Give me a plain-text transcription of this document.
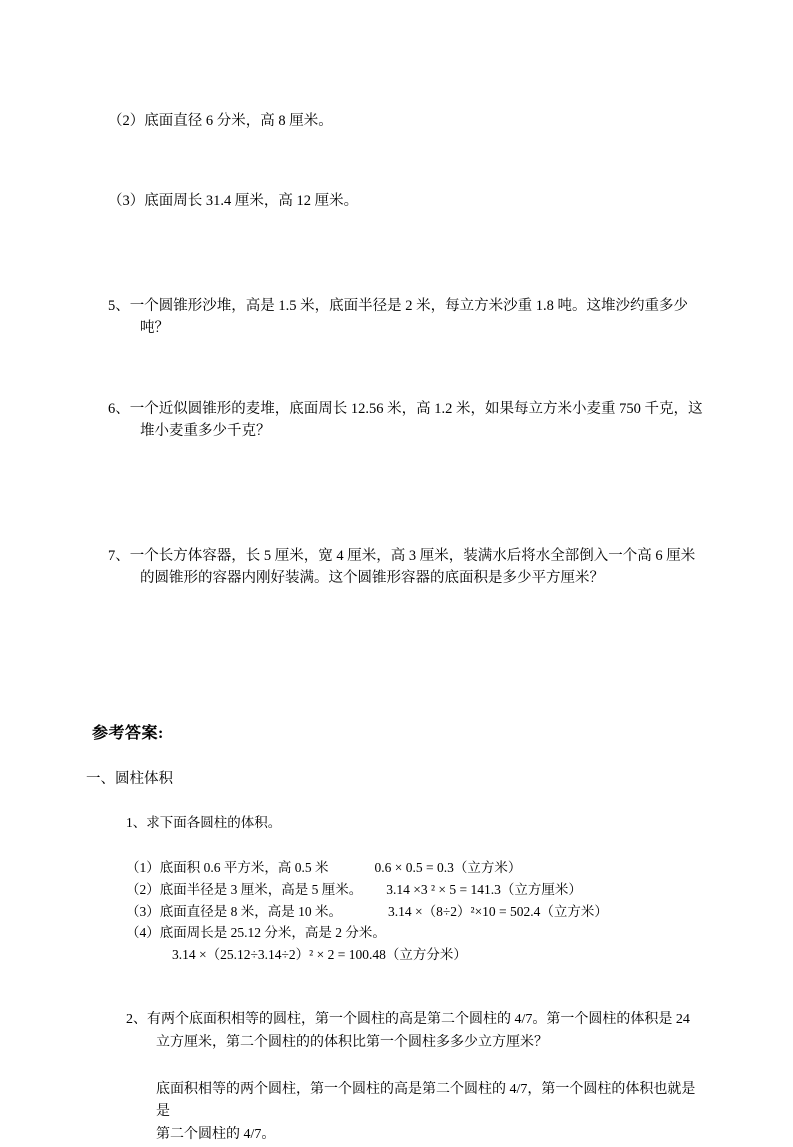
（2）底面直径 6 分米，高 8 厘米。

（3）底面周长 31.4 厘米，高 12 厘米。

5、一个圆锥形沙堆，高是 1.5 米，底面半径是 2 米，每立方米沙重 1.8 吨。这堆沙约重多少吨？

6、一个近似圆锥形的麦堆，底面周长 12.56 米，高 1.2 米，如果每立方米小麦重 750 千克，这堆小麦重多少千克？

7、一个长方体容器，长 5 厘米，宽 4 厘米，高 3 厘米，装满水后将水全部倒入一个高 6 厘米的圆锥形的容器内刚好装满。这个圆锥形容器的底面积是多少平方厘米？

参考答案:

一、圆柱体积

1、求下面各圆柱的体积。

（1）底面积 0.6 平方米，高 0.5 米	0.6 × 0.5 = 0.3（立方米）

（2）底面半径是 3 厘米，高是 5 厘米。 3.14 ×3 ² × 5 = 141.3（立方厘米）

（3）底面直径是 8 米，高是 10 米。	3.14 ×（8÷2）²×10 = 502.4（立方米）

（4）底面周长是 25.12 分米，高是 2 分米。

3.14 ×（25.12÷3.14÷2）² × 2 = 100.48（立方分米）

2、有两个底面积相等的圆柱，第一个圆柱的高是第二个圆柱的 4/7。第一个圆柱的体积是 24 立方厘米，第二个圆柱的的体积比第一个圆柱多多少立方厘米？

底面积相等的两个圆柱，第一个圆柱的高是第二个圆柱的 4/7，第一个圆柱的体积也就是是

第二个圆柱的 4/7。
